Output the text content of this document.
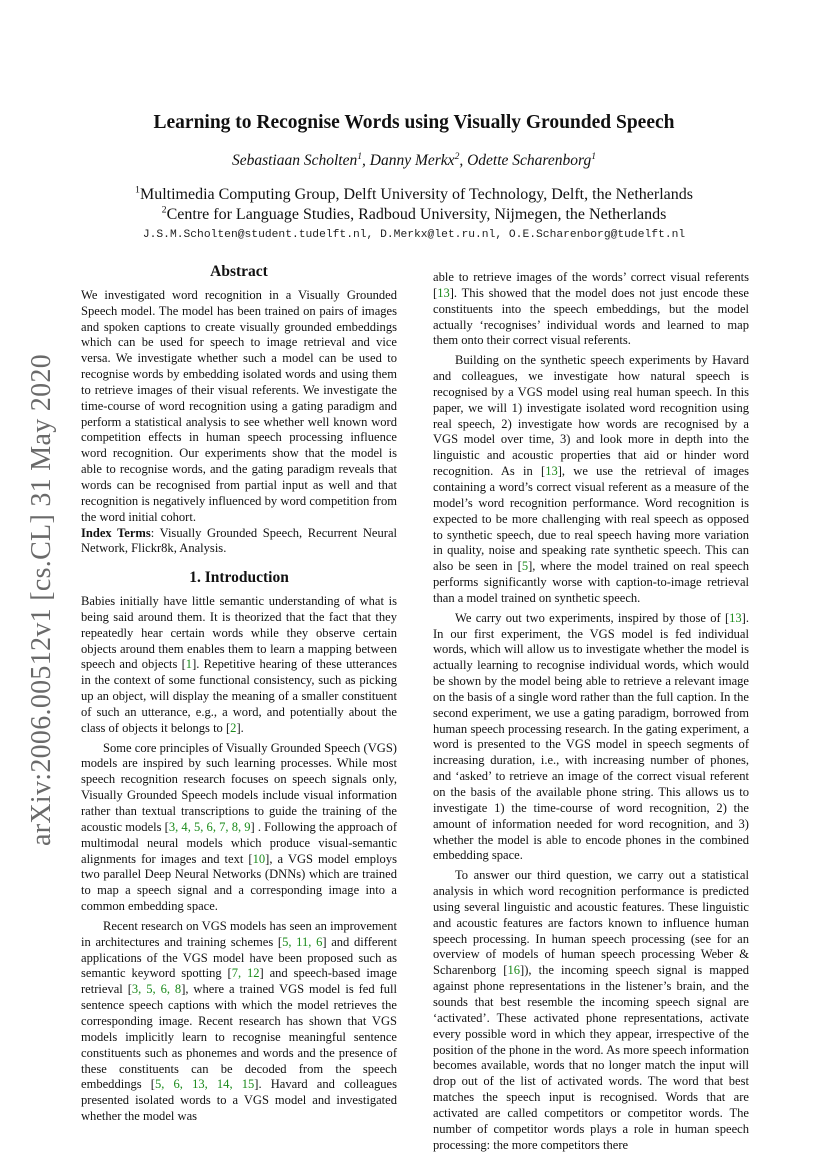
arXiv:2006.00512v1 [cs.CL] 31 May 2020
Learning to Recognise Words using Visually Grounded Speech
Sebastiaan Scholten$^1$, Danny Merkx$^2$, Odette Scharenborg$^1$
$^1$Multimedia Computing Group, Delft University of Technology, Delft, the Netherlands
$^2$Centre for Language Studies, Radboud University, Nijmegen, the Netherlands
J.S.M.Scholten@student.tudelft.nl, D.Merkx@let.ru.nl, O.E.Scharenborg@tudelft.nl
Abstract

We investigated word recognition in a Visually Grounded Speech model. The model has been trained on pairs of images and spoken captions to create visually grounded embeddings which can be used for speech to image retrieval and vice versa. We investigate whether such a model can be used to recognise words by embedding isolated words and using them to retrieve images of their visual referents. We investigate the time-course of word recognition using a gating paradigm and perform a statistical analysis to see whether well known word competition effects in human speech processing influence word recognition. Our experiments show that the model is able to recognise words, and the gating paradigm reveals that words can be recognised from partial input as well and that recognition is negatively influenced by word competition from the word initial cohort.

Index Terms: Visually Grounded Speech, Recurrent Neural Network, Flickr8k, Analysis.

1. Introduction

Babies initially have little semantic understanding of what is being said around them. It is theorized that the fact that they repeatedly hear certain words while they observe certain objects around them enables them to learn a mapping between speech and objects [1]. Repetitive hearing of these utterances in the context of some functional consistency, such as picking up an object, will display the meaning of a smaller constituent of such an utterance, e.g., a word, and potentially about the class of objects it belongs to [2].

Some core principles of Visually Grounded Speech (VGS) models are inspired by such learning processes. While most speech recognition research focuses on speech signals only, Visually Grounded Speech models include visual information rather than textual transcriptions to guide the training of the acoustic models [3, 4, 5, 6, 7, 8, 9] . Following the approach of multimodal neural models which produce visual-semantic alignments for images and text [10], a VGS model employs two parallel Deep Neural Networks (DNNs) which are trained to map a speech signal and a corresponding image into a common embedding space.

Recent research on VGS models has seen an improvement in architectures and training schemes [5, 11, 6] and different applications of the VGS model have been proposed such as semantic keyword spotting [7, 12] and speech-based image retrieval [3, 5, 6, 8], where a trained VGS model is fed full sentence speech captions with which the model retrieves the corresponding image. Recent research has shown that VGS models implicitly learn to recognise meaningful sentence constituents such as phonemes and words and the presence of these constituents can be decoded from the speech embeddings [5, 6, 13, 14, 15]. Havard and colleagues presented isolated words to a VGS model and investigated whether the model was

able to retrieve images of the words’ correct visual referents [13]. This showed that the model does not just encode these constituents into the speech embeddings, but the model actually ‘recognises’ individual words and learned to map them onto their correct visual referents.

Building on the synthetic speech experiments by Havard and colleagues, we investigate how natural speech is recognised by a VGS model using real human speech. In this paper, we will 1) investigate isolated word recognition using real speech, 2) investigate how words are recognised by a VGS model over time, 3) and look more in depth into the linguistic and acoustic properties that aid or hinder word recognition. As in [13], we use the retrieval of images containing a word’s correct visual referent as a measure of the model’s word recognition performance. Word recognition is expected to be more challenging with real speech as opposed to synthetic speech, due to real speech having more variation in quality, noise and speaking rate synthetic speech. This can also be seen in [5], where the model trained on real speech performs significantly worse with caption-to-image retrieval than a model trained on synthetic speech.

We carry out two experiments, inspired by those of [13]. In our first experiment, the VGS model is fed individual words, which will allow us to investigate whether the model is actually learning to recognise individual words, which would be shown by the model being able to retrieve a relevant image on the basis of a single word rather than the full caption. In the second experiment, we use a gating paradigm, borrowed from human speech processing research. In the gating experiment, a word is presented to the VGS model in speech segments of increasing duration, i.e., with increasing number of phones, and ‘asked’ to retrieve an image of the correct visual referent on the basis of the available phone string. This allows us to investigate 1) the time-course of word recognition, 2) the amount of information needed for word recognition, and 3) whether the model is able to encode phones in the combined embedding space.

To answer our third question, we carry out a statistical analysis in which word recognition performance is predicted using several linguistic and acoustic features. These linguistic and acoustic features are factors known to influence human speech processing. In human speech processing (see for an overview of models of human speech processing Weber & Scharenborg [16]), the incoming speech signal is mapped against phone representations in the listener’s brain, and the sounds that best resemble the incoming speech signal are ‘activated’. These activated phone representations, activate every possible word in which they appear, irrespective of the position of the phone in the word. As more speech information becomes available, words that no longer match the input will drop out of the list of activated words. The word that best matches the speech input is recognised. Words that are activated are called competitors or competitor words. The number of competitor words plays a role in human speech processing: the more competitors there
